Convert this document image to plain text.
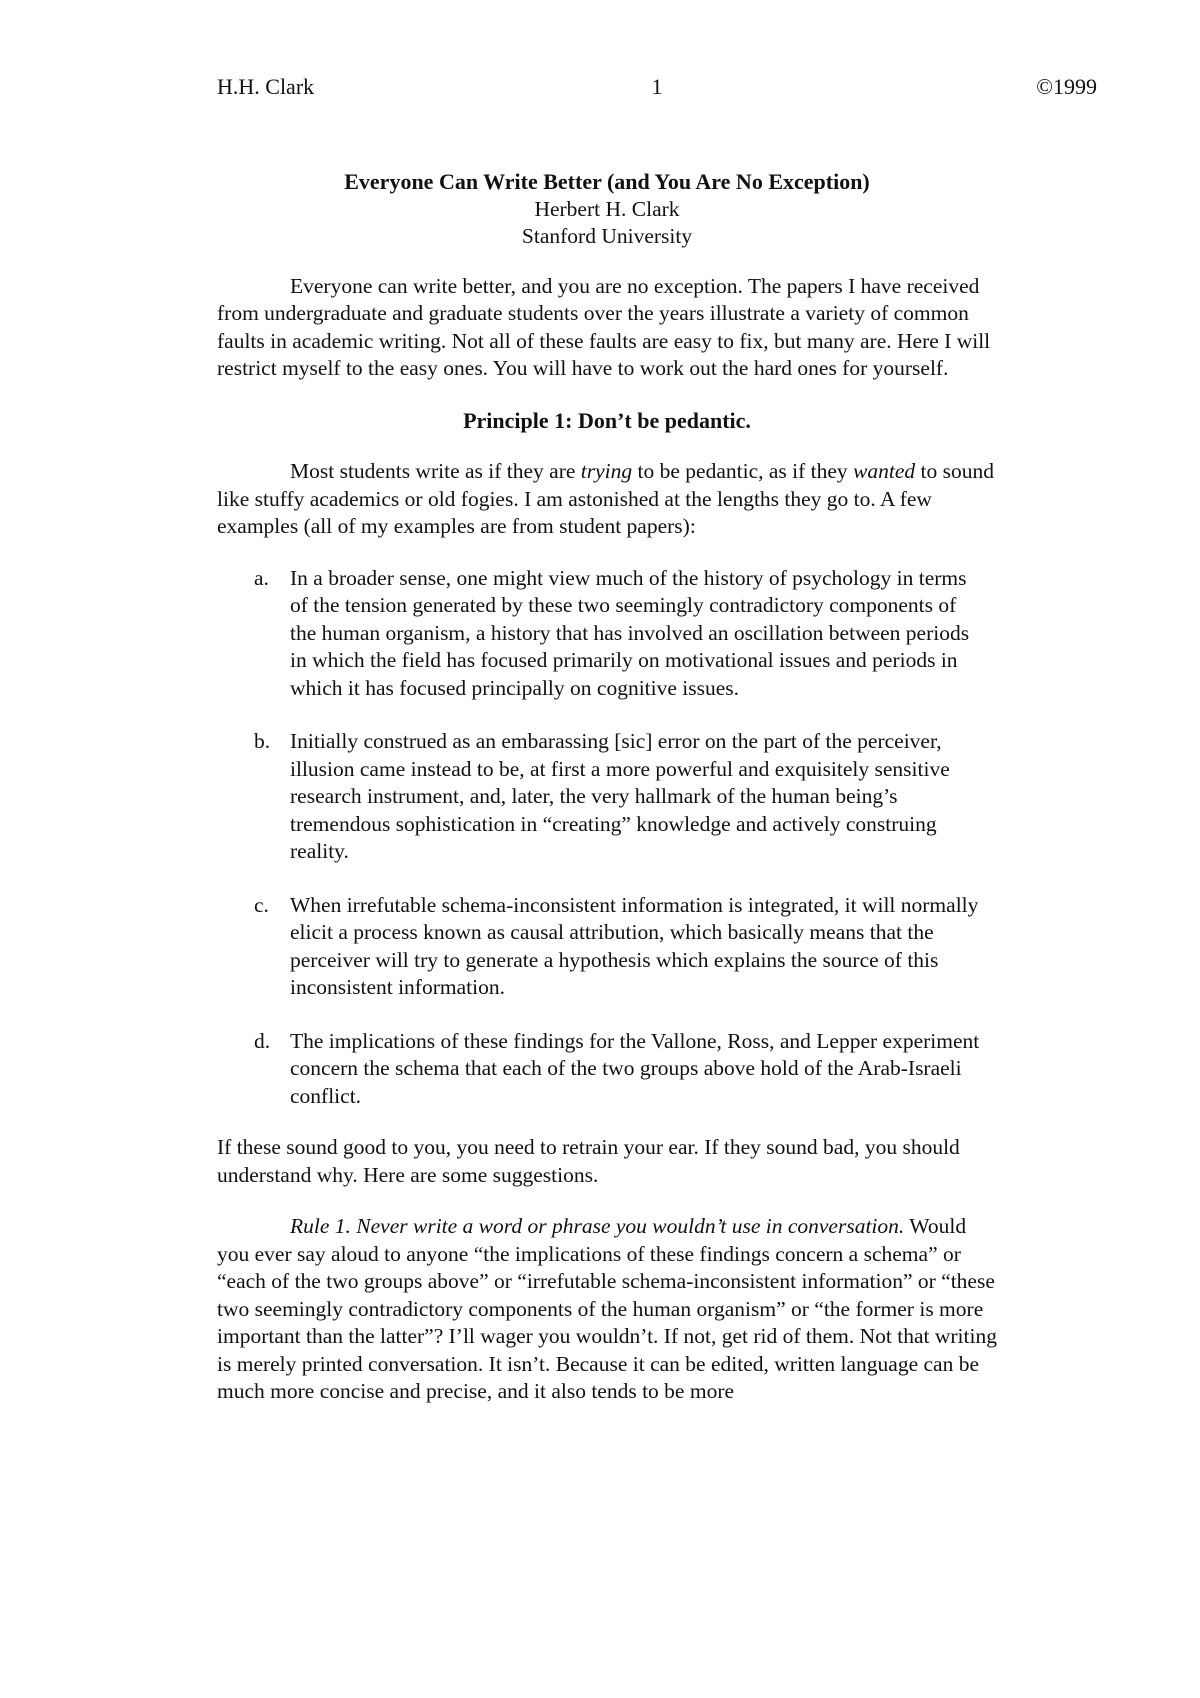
H.H. Clark	1	©1999
Everyone Can Write Better (and You Are No Exception)
Herbert H. Clark
Stanford University

Everyone can write better, and you are no exception. The papers I have received from undergraduate and graduate students over the years illustrate a variety of common faults in academic writing. Not all of these faults are easy to fix, but many are. Here I will restrict myself to the easy ones. You will have to work out the hard ones for yourself.

Principle 1: Don’t be pedantic.

Most students write as if they are trying to be pedantic, as if they wanted to sound like stuffy academics or old fogies. I am astonished at the lengths they go to. A few examples (all of my examples are from student papers):

a. In a broader sense, one might view much of the history of psychology in terms of the tension generated by these two seemingly contradictory components of the human organism, a history that has involved an oscillation between periods in which the field has focused primarily on motivational issues and periods in which it has focused principally on cognitive issues.
b. Initially construed as an embarassing [sic] error on the part of the perceiver, illusion came instead to be, at first a more powerful and exquisitely sensitive research instrument, and, later, the very hallmark of the human being’s tremendous sophistication in “creating” knowledge and actively construing reality.
c. When irrefutable schema-inconsistent information is integrated, it will normally elicit a process known as causal attribution, which basically means that the perceiver will try to generate a hypothesis which explains the source of this inconsistent information.
d. The implications of these findings for the Vallone, Ross, and Lepper experiment concern the schema that each of the two groups above hold of the Arab-Israeli conflict.

If these sound good to you, you need to retrain your ear. If they sound bad, you should understand why. Here are some suggestions.

Rule 1. Never write a word or phrase you wouldn’t use in conversation. Would you ever say aloud to anyone “the implications of these findings concern a schema” or “each of the two groups above” or “irrefutable schema-inconsistent information” or “these two seemingly contradictory components of the human organism” or “the former is more important than the latter”? I’ll wager you wouldn’t. If not, get rid of them. Not that writing is merely printed conversation. It isn’t. Because it can be edited, written language can be much more concise and precise, and it also tends to be more
